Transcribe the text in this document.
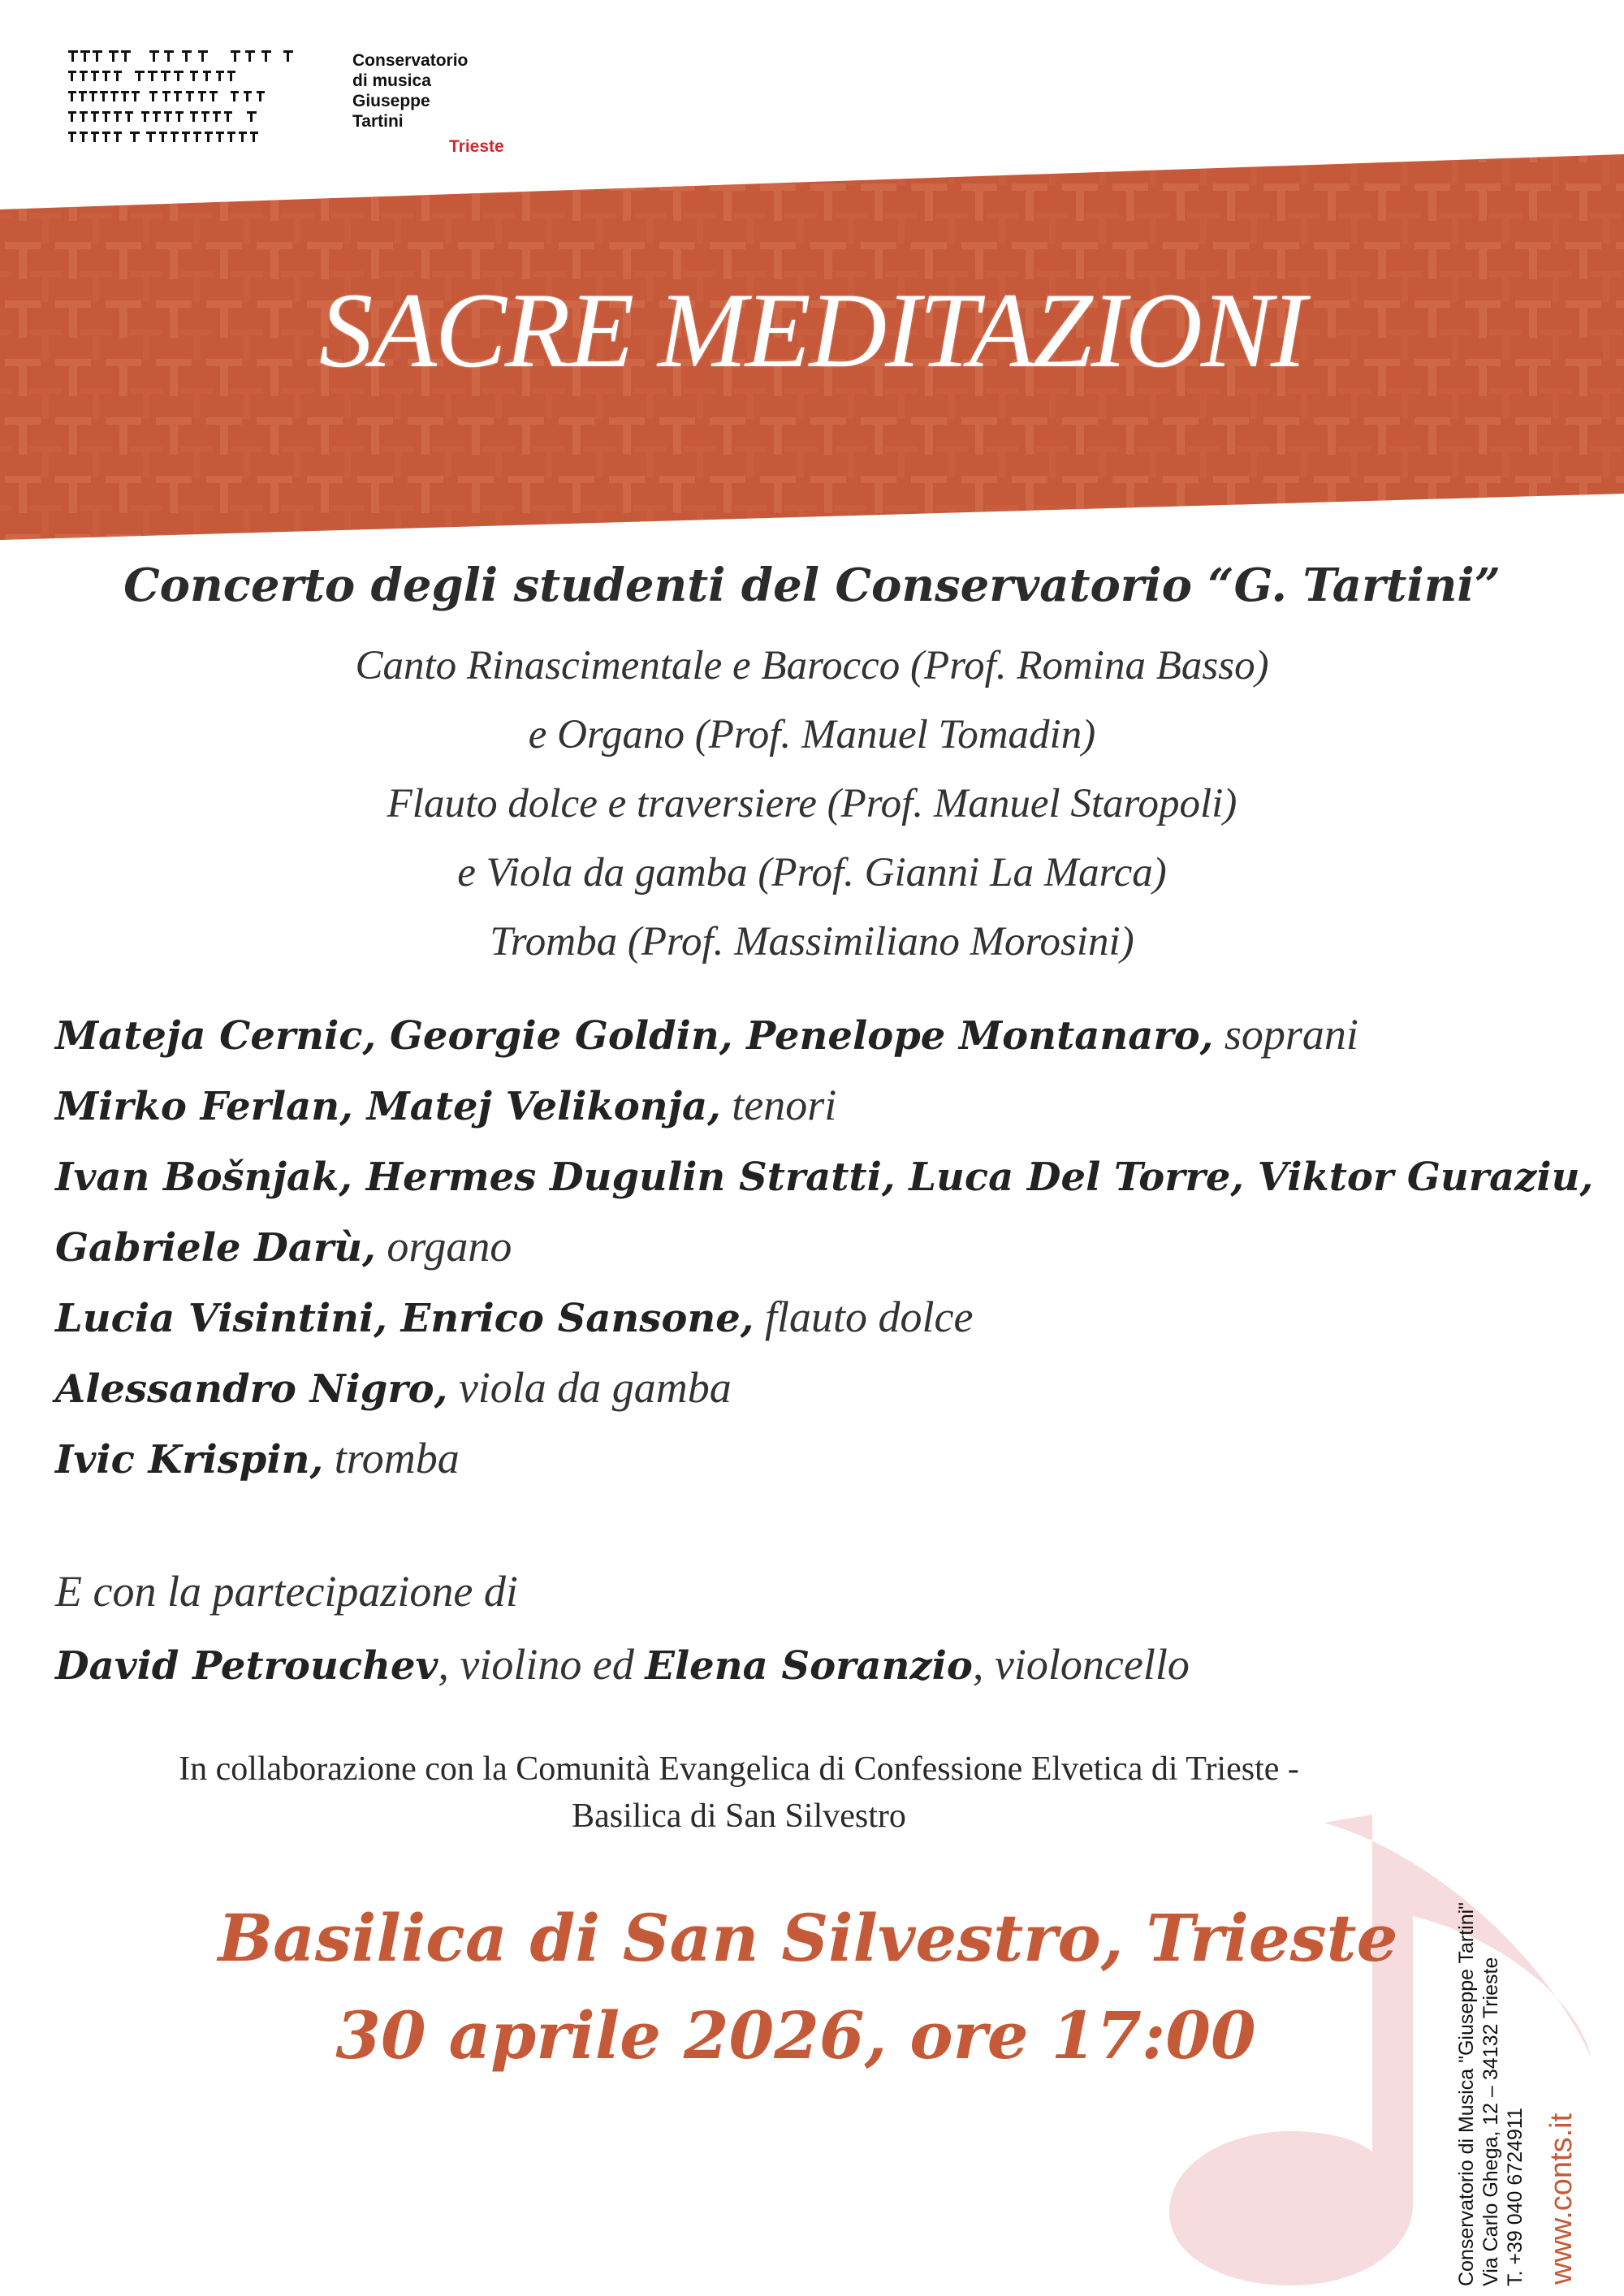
Conservatorio
di musica
Giuseppe
Tartini
Trieste
SACRE MEDITAZIONI
Concerto degli studenti del Conservatorio “G. Tartini”
Canto Rinascimentale e Barocco (Prof. Romina Basso)
e Organo (Prof. Manuel Tomadin)
Flauto dolce e traversiere (Prof. Manuel Staropoli)
e Viola da gamba (Prof. Gianni La Marca)
Tromba (Prof. Massimiliano Morosini)
Mateja Cernic, Georgie Goldin, Penelope Montanaro, soprani
Mirko Ferlan, Matej Velikonja, tenori
Ivan Bošnjak, Hermes Dugulin Stratti, Luca Del Torre, Viktor Guraziu,
Gabriele Darù, organo
Lucia Visintini, Enrico Sansone, flauto dolce
Alessandro Nigro, viola da gamba
Ivic Krispin, tromba
E con la partecipazione di
David Petrouchev, violino ed Elena Soranzio, violoncello
In collaborazione con la Comunità Evangelica di Confessione Elvetica di Trieste -
Basilica di San Silvestro
Basilica di San Silvestro, Trieste
30 aprile 2026, ore 17:00	Conservatorio di Musica "Giuseppe Tartini" Via Carlo Ghega, 12 – 34132 Trieste T. +39 040 6724911 www.conts.it
